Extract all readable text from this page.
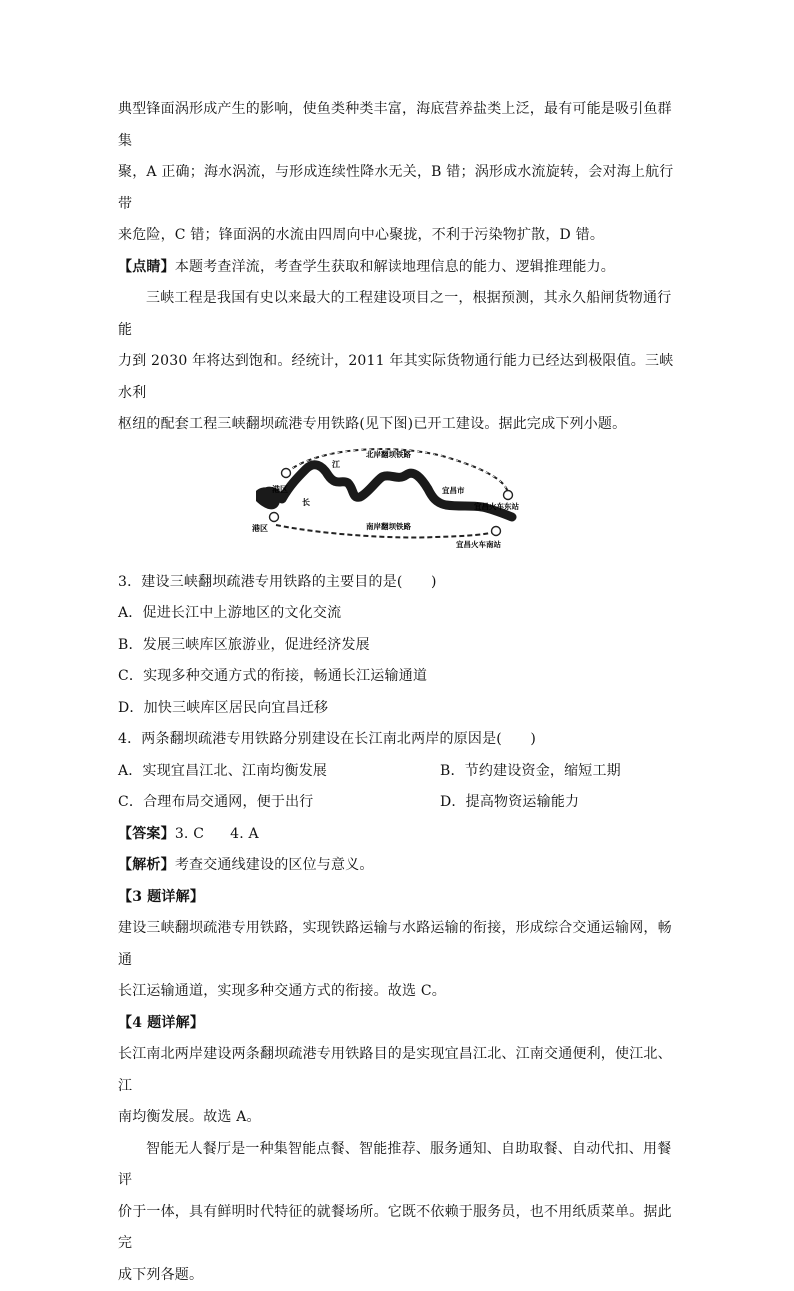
典型锋面涡形成产生的影响，使鱼类种类丰富，海底营养盐类上泛，最有可能是吸引鱼群集

聚，A 正确；海水涡流，与形成连续性降水无关，B 错；涡形成水流旋转，会对海上航行带

来危险，C 错；锋面涡的水流由四周向中心聚拢，不利于污染物扩散，D 错。

【点睛】本题考查洋流，考查学生获取和解读地理信息的能力、逻辑推理能力。

三峡工程是我国有史以来最大的工程建设项目之一，根据预测，其永久船闸货物通行能

力到 2030 年将达到饱和。经统计，2011 年其实际货物通行能力已经达到极限值。三峡水利

枢纽的配套工程三峡翻坝疏港专用铁路(见下图)已开工建设。据此完成下列小题。

港区
港区
江
长
北岸翻坝铁路
南岸翻坝铁路
宜昌市
宜昌火车东站
宜昌火车南站

3．建设三峡翻坝疏港专用铁路的主要目的是(　　)

A．促进长江中上游地区的文化交流

B．发展三峡库区旅游业，促进经济发展

C．实现多种交通方式的衔接，畅通长江运输通道

D．加快三峡库区居民向宜昌迁移

4．两条翻坝疏港专用铁路分别建设在长江南北两岸的原因是(　　)

A．实现宜昌江北、江南均衡发展	B．节约建设资金，缩短工期

C．合理布局交通网，便于出行	D．提高物资运输能力

【答案】3. C 4. A

【解析】考查交通线建设的区位与意义。

【3 题详解】

建设三峡翻坝疏港专用铁路，实现铁路运输与水路运输的衔接，形成综合交通运输网，畅通

长江运输通道，实现多种交通方式的衔接。故选 C。

【4 题详解】

长江南北两岸建设两条翻坝疏港专用铁路目的是实现宜昌江北、江南交通便利，使江北、江

南均衡发展。故选 A。

智能无人餐厅是一种集智能点餐、智能推荐、服务通知、自助取餐、自动代扣、用餐评

价于一体，具有鲜明时代特征的就餐场所。它既不依赖于服务员，也不用纸质菜单。据此完

成下列各题。
